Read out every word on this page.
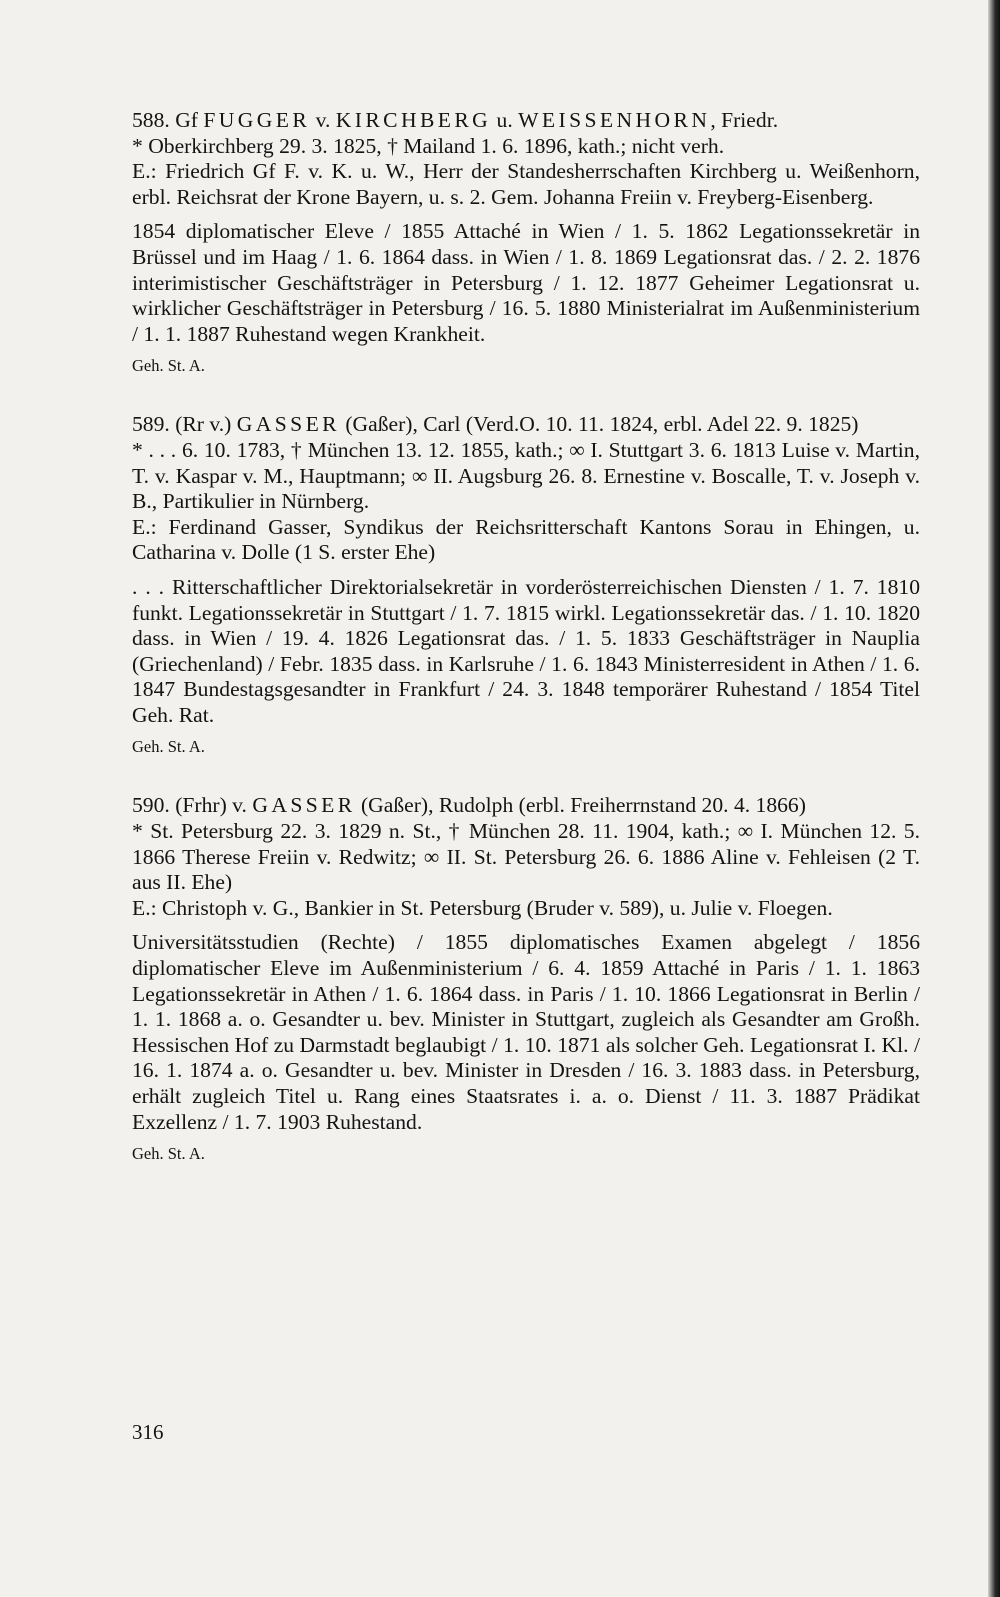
588. Gf FUGGER v. KIRCHBERG u. WEISSENHORN, Friedr.
* Oberkirchberg 29. 3. 1825, † Mailand 1. 6. 1896, kath.; nicht verh.
E.: Friedrich Gf F. v. K. u. W., Herr der Standesherrschaften Kirchberg u. Weißenhorn, erbl. Reichsrat der Krone Bayern, u. s. 2. Gem. Johanna Freiin v. Freyberg-Eisenberg.

1854 diplomatischer Eleve / 1855 Attaché in Wien / 1. 5. 1862 Legationssekretär in Brüssel und im Haag / 1. 6. 1864 dass. in Wien / 1. 8. 1869 Legationsrat das. / 2. 2. 1876 interimistischer Geschäftsträger in Petersburg / 1. 12. 1877 Geheimer Legationsrat u. wirklicher Geschäftsträger in Petersburg / 16. 5. 1880 Ministerialrat im Außenministerium / 1. 1. 1887 Ruhestand wegen Krankheit.

Geh. St. A.

589. (Rr v.) GASSER (Gaßer), Carl (Verd.O. 10. 11. 1824, erbl. Adel 22. 9. 1825)
* . . . 6. 10. 1783, † München 13. 12. 1855, kath.; ∞ I. Stuttgart 3. 6. 1813 Luise v. Martin, T. v. Kaspar v. M., Hauptmann; ∞ II. Augsburg 26. 8. Ernestine v. Boscalle, T. v. Joseph v. B., Partikulier in Nürnberg.
E.: Ferdinand Gasser, Syndikus der Reichsritterschaft Kantons Sorau in Ehingen, u. Catharina v. Dolle (1 S. erster Ehe)

. . . Ritterschaftlicher Direktorialsekretär in vorderösterreichischen Diensten / 1. 7. 1810 funkt. Legationssekretär in Stuttgart / 1. 7. 1815 wirkl. Legationssekretär das. / 1. 10. 1820 dass. in Wien / 19. 4. 1826 Legationsrat das. / 1. 5. 1833 Geschäftsträger in Nauplia (Griechenland) / Febr. 1835 dass. in Karlsruhe / 1. 6. 1843 Ministerresident in Athen / 1. 6. 1847 Bundestagsgesandter in Frankfurt / 24. 3. 1848 temporärer Ruhestand / 1854 Titel Geh. Rat.

Geh. St. A.

590. (Frhr) v. GASSER (Gaßer), Rudolph (erbl. Freiherrnstand 20. 4. 1866)
* St. Petersburg 22. 3. 1829 n. St., † München 28. 11. 1904, kath.; ∞ I. München 12. 5. 1866 Therese Freiin v. Redwitz; ∞ II. St. Petersburg 26. 6. 1886 Aline v. Fehleisen (2 T. aus II. Ehe)
E.: Christoph v. G., Bankier in St. Petersburg (Bruder v. 589), u. Julie v. Floegen.

Universitätsstudien (Rechte) / 1855 diplomatisches Examen abgelegt / 1856 diplomatischer Eleve im Außenministerium / 6. 4. 1859 Attaché in Paris / 1. 1. 1863 Legationssekretär in Athen / 1. 6. 1864 dass. in Paris / 1. 10. 1866 Legationsrat in Berlin / 1. 1. 1868 a. o. Gesandter u. bev. Minister in Stuttgart, zugleich als Gesandter am Großh. Hessischen Hof zu Darmstadt beglaubigt / 1. 10. 1871 als solcher Geh. Legationsrat I. Kl. / 16. 1. 1874 a. o. Gesandter u. bev. Minister in Dresden / 16. 3. 1883 dass. in Petersburg, erhält zugleich Titel u. Rang eines Staatsrates i. a. o. Dienst / 11. 3. 1887 Prädikat Exzellenz / 1. 7. 1903 Ruhestand.

Geh. St. A.

316
